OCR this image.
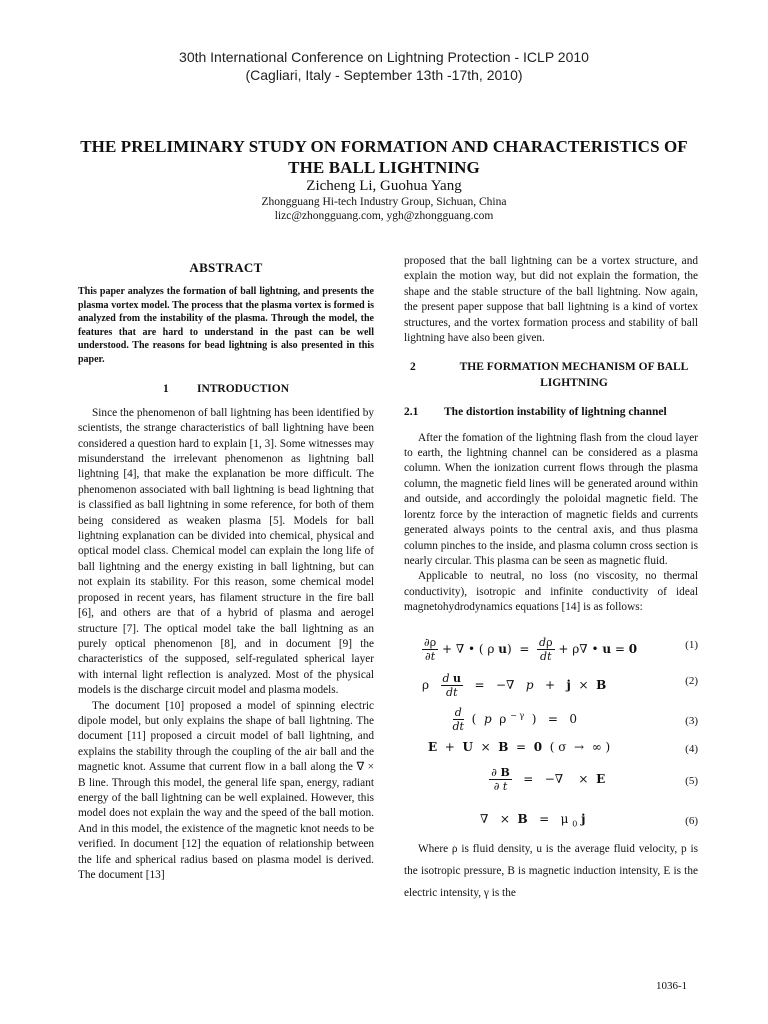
30th International Conference on Lightning Protection - ICLP 2010
(Cagliari, Italy - September 13th -17th, 2010)
THE PRELIMINARY STUDY ON FORMATION AND CHARACTERISTICS OF
THE BALL LIGHTNING
Zicheng Li, Guohua Yang
Zhongguang Hi-tech Industry Group, Sichuan, China
lizc@zhongguang.com, ygh@zhongguang.com
ABSTRACT

This paper analyzes the formation of ball lightning, and presents the plasma vortex model. The process that the plasma vortex is formed is analyzed from the instability of the plasma. Through the model, the features that are hard to understand in the past can be well understood. The reasons for bead lightning is also presented in this paper.

1 INTRODUCTION

Since the phenomenon of ball lightning has been identified by scientists, the strange characteristics of ball lightning have been considered a question hard to explain [1, 3]. Some witnesses may misunderstand the irrelevant phenomenon as lightning ball lightning [4], that make the explanation be more difficult. The phenomenon associated with ball lightning is bead lightning that is classified as ball lightning in some reference, for both of them being considered as weaken plasma [5]. Models for ball lightning explanation can be divided into chemical, physical and optical model class. Chemical model can explain the long life of ball lightning and the energy existing in ball lightning, but can not explain its stability. For this reason, some chemical model proposed in recent years, has filament structure in the fire ball [6], and others are that of a hybrid of plasma and aerogel structure [7]. The optical model take the ball lightning as an purely optical phenomenon [8], and in document [9] the characteristics of the supposed, self-regulated spherical layer with internal light reflection is analyzed. Most of the physical models is the discharge circuit model and plasma models.

The document [10] proposed a model of spinning electric dipole model, but only explains the shape of ball lightning. The document [11] proposed a circuit model of ball lightning, and explains the stability through the coupling of the air ball and the magnetic knot. Assume that current flow in a ball along the ∇ × B line. Through this model, the general life span, energy, radiant energy of the ball lightning can be well explained. However, this model does not explain the way and the speed of the ball motion. And in this model, the existence of the magnetic knot needs to be verified. In document [12] the equation of relationship between the life and spherical radius based on plasma model is derived. The document [13]

proposed that the ball lightning can be a vortex structure, and explain the motion way, but did not explain the formation, the shape and the stable structure of the ball lightning. Now again, the present paper suppose that ball lightning is a kind of vortex structures, and the vortex formation process and stability of ball lightning have also been given.

2	THE FORMATION MECHANISM OF BALL LIGHTNING
2.1	The distortion instability of lightning channel

After the fomation of the lightning flash from the cloud layer to earth, the lightning channel can be considered as a plasma column. When the ionization current flows through the plasma column, the magnetic field lines will be generated around within and outside, and accordingly the poloidal magnetic field. The lorentz force by the interaction of magnetic fields and currents generated always points to the central axis, and thus plasma column pinches to the inside, and plasma column cross section is nearly circular. This plasma can be seen as magnetic fluid.

Applicable to neutral, no loss (no viscosity, no thermal conductivity), isotropic and infinite conductivity of ideal magnetohydrodynamics equations [14] is as follows:

$\frac{\partial\rho}{\partial t}$ + ∇ • ( ρ $u) = \frac{d\rho}{dt} + \rho\nabla$ • u = 0	(1)
ρ $\frac{\text{d u}}{dt}$ =   −∇   p   +   j  ×  B	(2)

$\frac{d}{dt}$ (  p  ρ $^{- \gamma}$  )   =   0	(3)
E  +  U  ×  B  =  0  ( σ  →  ∞ )	(4)

$\frac{\partial B}{\partial t}$ =   −∇    ×  E	(5)
∇   ×  B   =   μ $_0$ j	(6)

Where ρ is fluid density, u is the average fluid velocity, p is the isotropic pressure, B is magnetic induction intensity, E is the electric intensity, γ is the

1036-1
